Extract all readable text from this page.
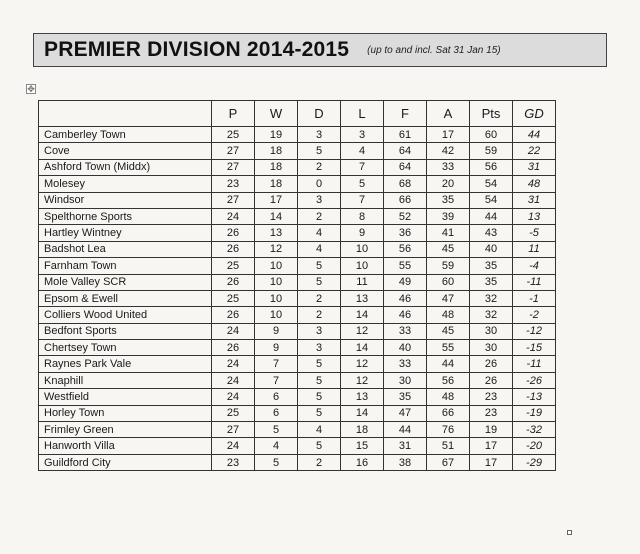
PREMIER DIVISION 2014-2015 (up to and incl. Sat 31 Jan 15)
✥
	P	W	D	L	F	A	Pts	GD
Camberley Town	25	19	3	3	61	17	60	44
Cove	27	18	5	4	64	42	59	22
Ashford Town (Middx)	27	18	2	7	64	33	56	31
Molesey	23	18	0	5	68	20	54	48
Windsor	27	17	3	7	66	35	54	31
Spelthorne Sports	24	14	2	8	52	39	44	13
Hartley Wintney	26	13	4	9	36	41	43	-5
Badshot Lea	26	12	4	10	56	45	40	11
Farnham Town	25	10	5	10	55	59	35	-4
Mole Valley SCR	26	10	5	11	49	60	35	-11
Epsom & Ewell	25	10	2	13	46	47	32	-1
Colliers Wood United	26	10	2	14	46	48	32	-2
Bedfont Sports	24	9	3	12	33	45	30	-12
Chertsey Town	26	9	3	14	40	55	30	-15
Raynes Park Vale	24	7	5	12	33	44	26	-11
Knaphill	24	7	5	12	30	56	26	-26
Westfield	24	6	5	13	35	48	23	-13
Horley Town	25	6	5	14	47	66	23	-19
Frimley Green	27	5	4	18	44	76	19	-32
Hanworth Villa	24	4	5	15	31	51	17	-20
Guildford City	23	5	2	16	38	67	17	-29
